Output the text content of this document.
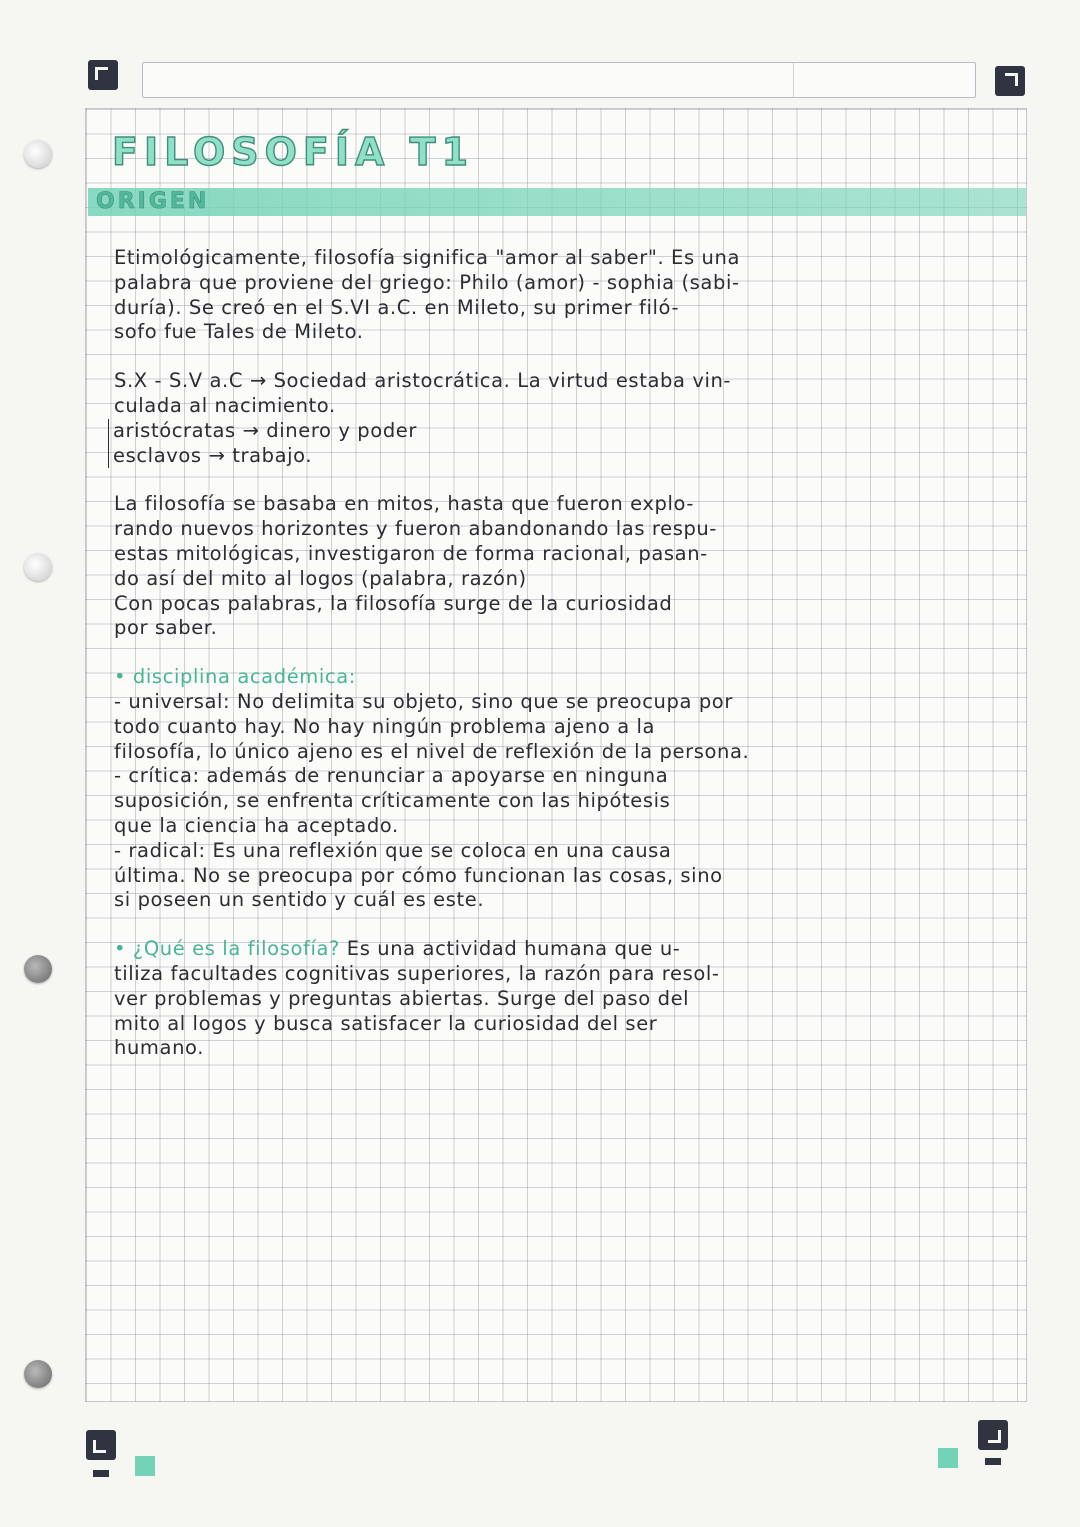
FILOSOFÍA T1
ORIGEN
Etimológicamente, filosofía significa "amor al saber". Es una
palabra que proviene del griego: Philo (amor) - sophia (sabi-
duría). Se creó en el S.VI a.C. en Mileto, su primer filó-
sofo fue Tales de Mileto.
S.X - S.V a.C → Sociedad aristocrática. La virtud estaba vin-
culada al nacimiento.
aristócratas → dinero y poder
esclavos → trabajo.
La filosofía se basaba en mitos, hasta que fueron explo-
rando nuevos horizontes y fueron abandonando las respu-
estas mitológicas, investigaron de forma racional, pasan-
do así del mito al logos (palabra, razón)
Con pocas palabras, la filosofía surge de la curiosidad
por saber.
• disciplina académica:
- universal: No delimita su objeto, sino que se preocupa por
todo cuanto hay. No hay ningún problema ajeno a la
filosofía, lo único ajeno es el nivel de reflexión de la persona.
- crítica: además de renunciar a apoyarse en ninguna
suposición, se enfrenta críticamente con las hipótesis
que la ciencia ha aceptado.
- radical: Es una reflexión que se coloca en una causa
última. No se preocupa por cómo funcionan las cosas, sino
si poseen un sentido y cuál es este.
• ¿Qué es la filosofía? Es una actividad humana que u-
tiliza facultades cognitivas superiores, la razón para resol-
ver problemas y preguntas abiertas. Surge del paso del
mito al logos y busca satisfacer la curiosidad del ser
humano.
